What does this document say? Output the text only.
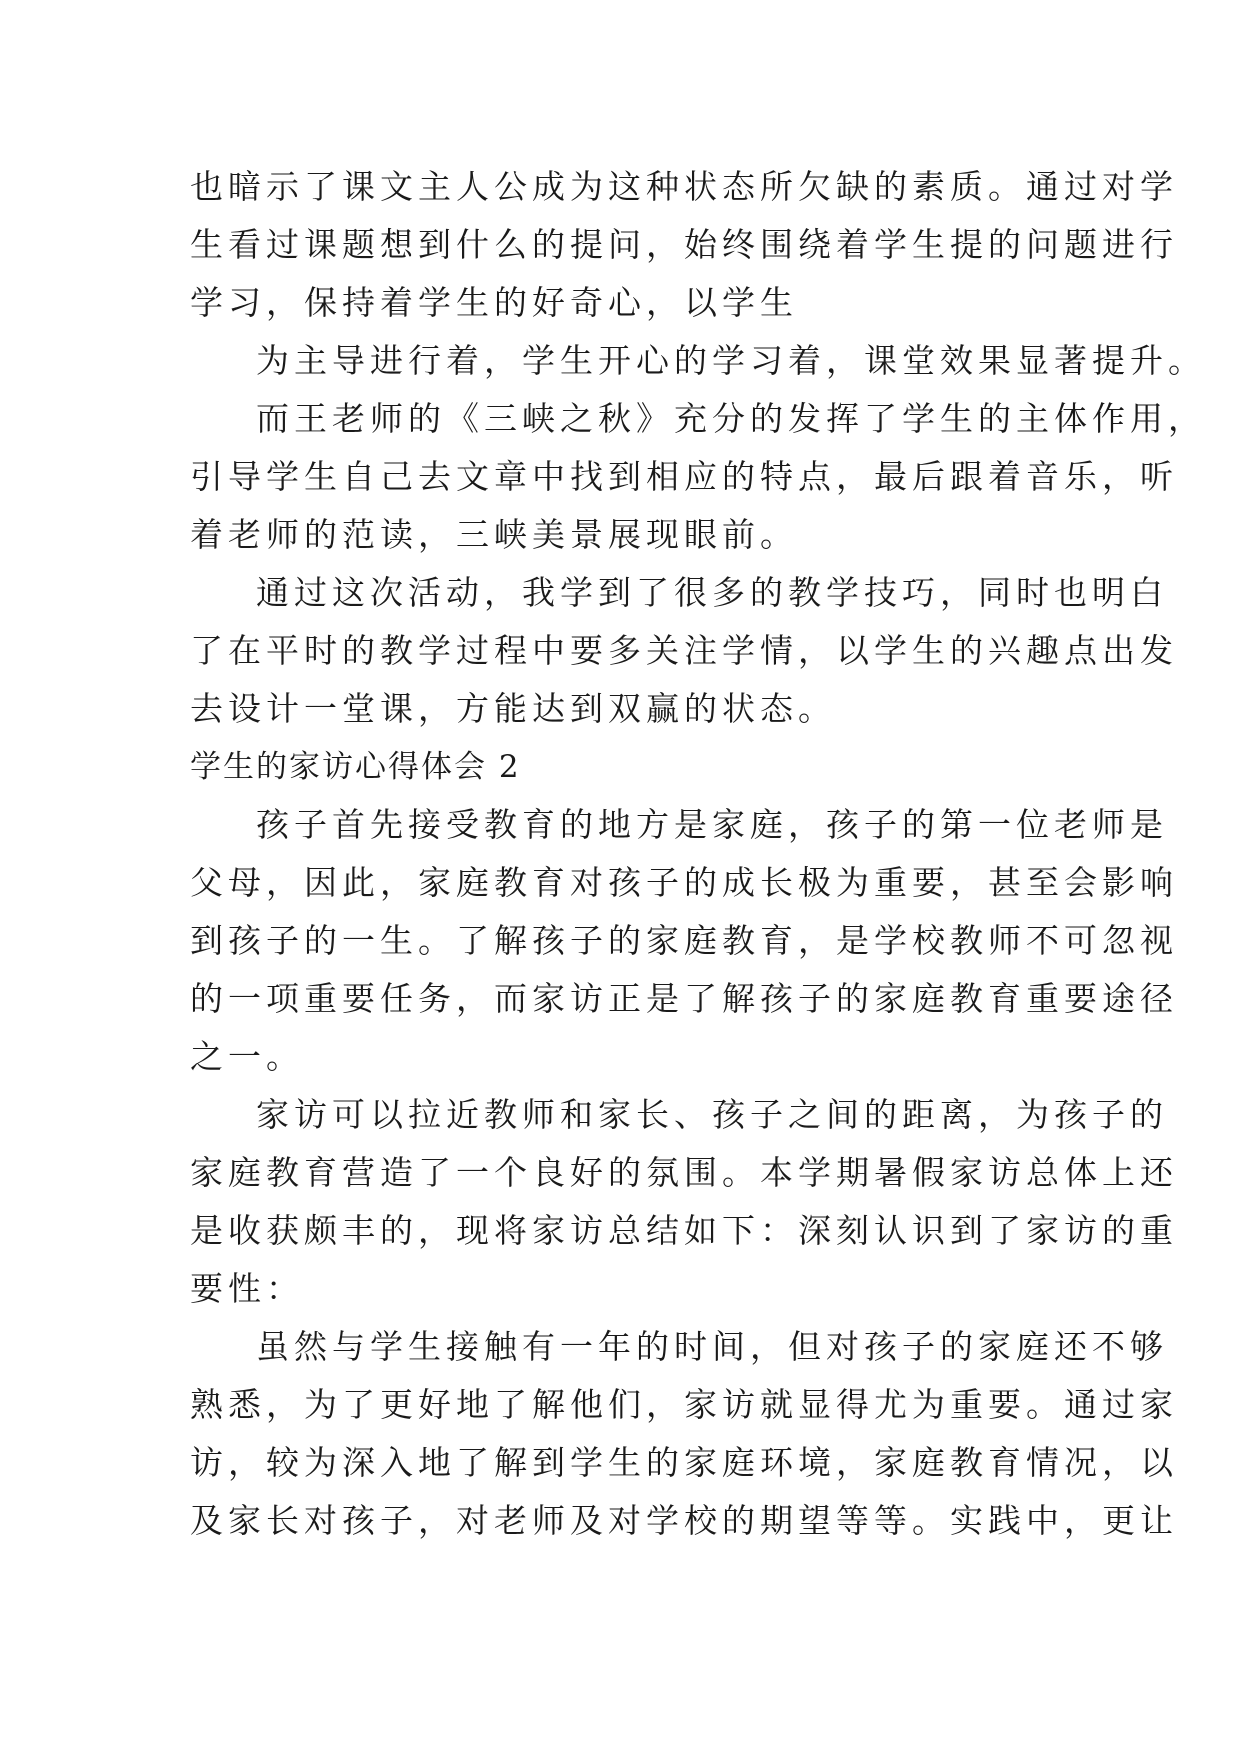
也暗示了课文主人公成为这种状态所欠缺的素质。通过对学
生看过课题想到什么的提问，始终围绕着学生提的问题进行
学习，保持着学生的好奇心，以学生
为主导进行着，学生开心的学习着，课堂效果显著提升。
而王老师的《三峡之秋》充分的发挥了学生的主体作用，
引导学生自己去文章中找到相应的特点，最后跟着音乐，听
着老师的范读，三峡美景展现眼前。
通过这次活动，我学到了很多的教学技巧，同时也明白
了在平时的教学过程中要多关注学情，以学生的兴趣点出发
去设计一堂课，方能达到双赢的状态。
学生的家访心得体会 2
孩子首先接受教育的地方是家庭，孩子的第一位老师是
父母，因此，家庭教育对孩子的成长极为重要，甚至会影响
到孩子的一生。了解孩子的家庭教育，是学校教师不可忽视
的一项重要任务，而家访正是了解孩子的家庭教育重要途径
之一。
家访可以拉近教师和家长、孩子之间的距离，为孩子的
家庭教育营造了一个良好的氛围。本学期暑假家访总体上还
是收获颇丰的，现将家访总结如下：深刻认识到了家访的重
要性：
虽然与学生接触有一年的时间，但对孩子的家庭还不够
熟悉，为了更好地了解他们，家访就显得尤为重要。通过家
访，较为深入地了解到学生的家庭环境，家庭教育情况，以
及家长对孩子，对老师及对学校的期望等等。实践中，更让
